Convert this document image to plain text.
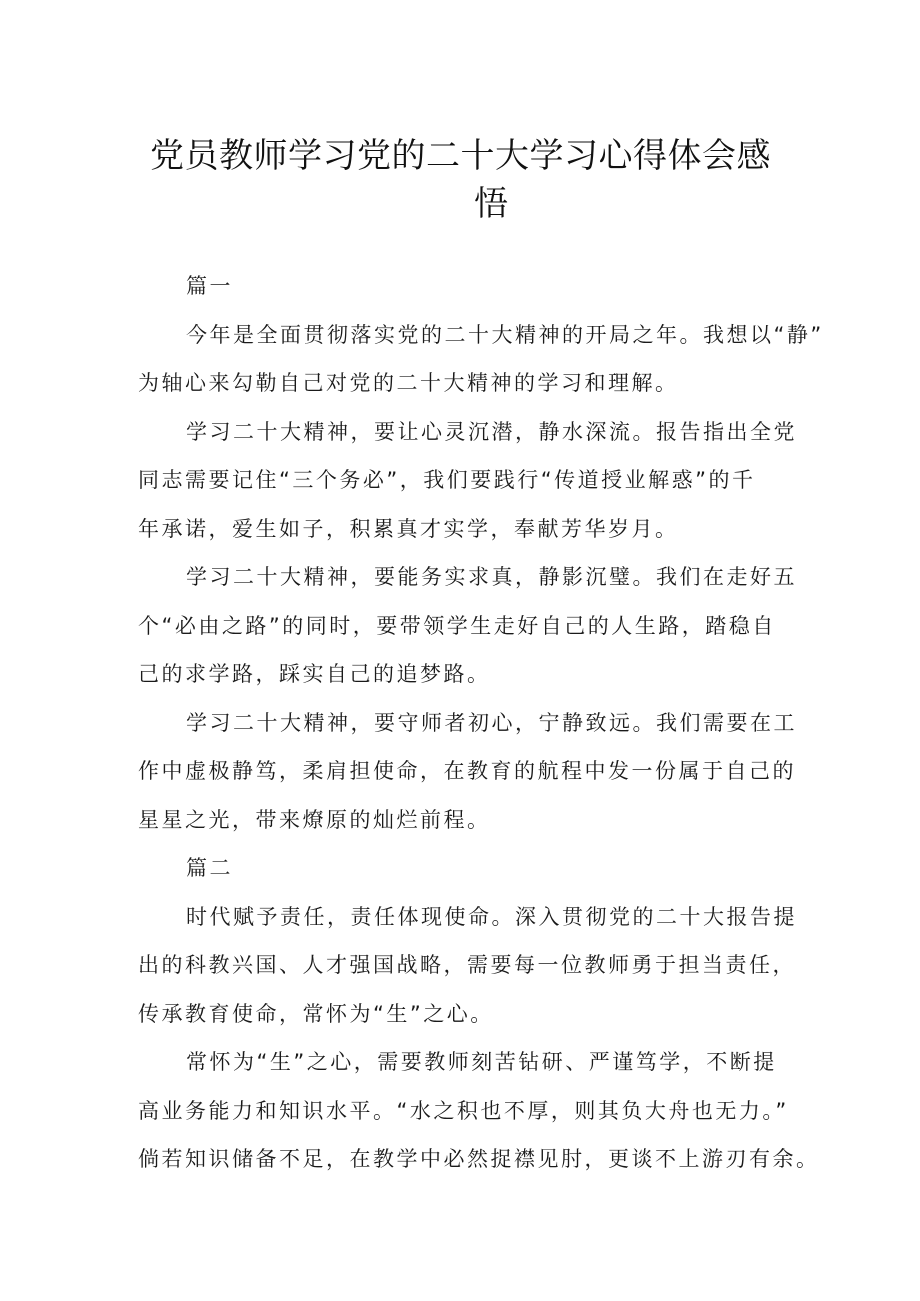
党员教师学习党的二十大学习心得体会感
悟
篇一
今年是全面贯彻落实党的二十大精神的开局之年。我想以“静”
为轴心来勾勒自己对党的二十大精神的学习和理解。
学习二十大精神，要让心灵沉潜，静水深流。报告指出全党
同志需要记住“三个务必”，我们要践行“传道授业解惑”的千
年承诺，爱生如子，积累真才实学，奉献芳华岁月。
学习二十大精神，要能务实求真，静影沉璧。我们在走好五
个“必由之路”的同时，要带领学生走好自己的人生路，踏稳自
己的求学路，踩实自己的追梦路。
学习二十大精神，要守师者初心，宁静致远。我们需要在工
作中虚极静笃，柔肩担使命，在教育的航程中发一份属于自己的
星星之光，带来燎原的灿烂前程。
篇二
时代赋予责任，责任体现使命。深入贯彻党的二十大报告提
出的科教兴国、人才强国战略，需要每一位教师勇于担当责任，
传承教育使命，常怀为“生”之心。
常怀为“生”之心，需要教师刻苦钻研、严谨笃学，不断提
高业务能力和知识水平。“水之积也不厚，则其负大舟也无力。”
倘若知识储备不足，在教学中必然捉襟见肘，更谈不上游刃有余。
